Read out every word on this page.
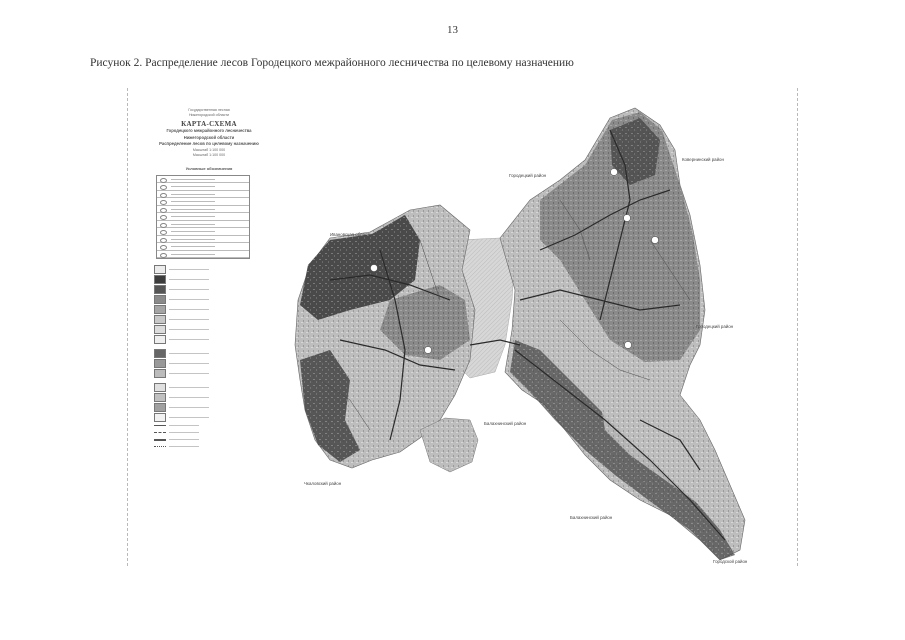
13
Рисунок 2. Распределение лесов Городецкого межрайонного лесничества по целевому назначению
Государственная лесная
Нижегородской области
КАРТА-СХЕМА
Городецкого межрайонного лесничества
Нижегородской области
Распределение лесов по целевому назначению
Масштаб 1:100 000
Масштаб 1:100 000
Условные обозначения
Городецкий район
Ковернинский район
Ивановская область
Городецкий район
Балахнинский район
Чкаловский район
Балахнинский район
Городской район
